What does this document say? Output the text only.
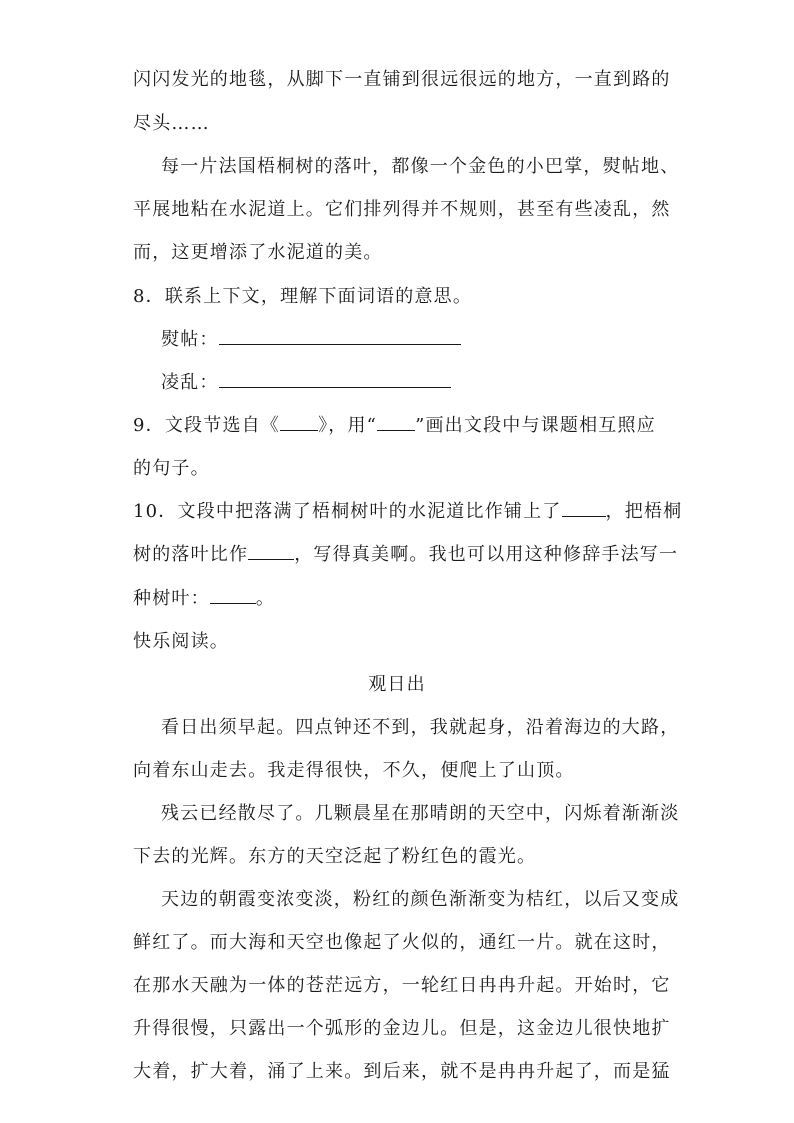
闪闪发光的地毯，从脚下一直铺到很远很远的地方，一直到路的
尽头……
每一片法国梧桐树的落叶，都像一个金色的小巴掌，熨帖地、
平展地粘在水泥道上。它们排列得并不规则，甚至有些凌乱，然
而，这更增添了水泥道的美。
8．联系上下文，理解下面词语的意思。
熨帖：
凌乱：
9．文段节选自《 》，用“ ”画出文段中与课题相互照应
的句子。
10．文段中把落满了梧桐树叶的水泥道比作铺上了 ，把梧桐
树的落叶比作	，写得真美啊。我也可以用这种修辞手法写一
种树叶：	。
快乐阅读。
观日出
看日出须早起。四点钟还不到，我就起身，沿着海边的大路，
向着东山走去。我走得很快，不久，便爬上了山顶。
残云已经散尽了。几颗晨星在那晴朗的天空中，闪烁着渐渐淡
下去的光辉。东方的天空泛起了粉红色的霞光。
天边的朝霞变浓变淡，粉红的颜色渐渐变为桔红，以后又变成
鲜红了。而大海和天空也像起了火似的，通红一片。就在这时，
在那水天融为一体的苍茫远方，一轮红日冉冉升起。开始时，它
升得很慢，只露出一个弧形的金边儿。但是，这金边儿很快地扩
大着，扩大着，涌了上来。到后来，就不是冉冉升起了，而是猛
